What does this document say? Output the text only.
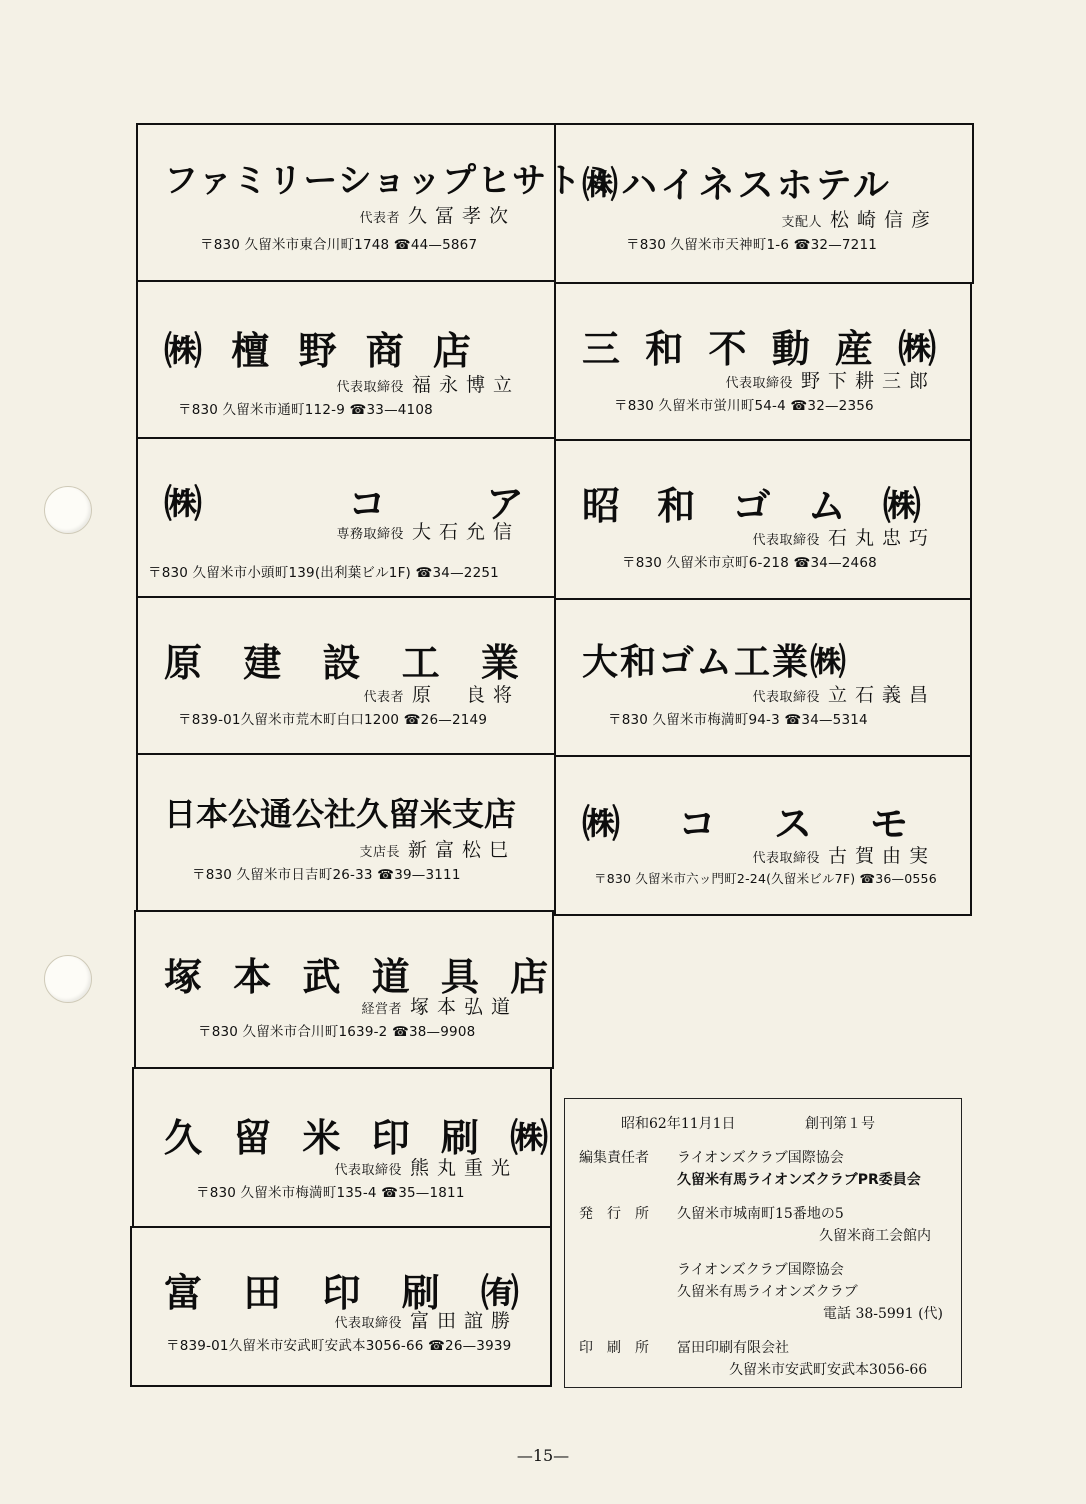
ファミリーショップヒサトミ
代表者 久冨孝次
〒830 久留米市東合川町1748 ☎44—5867
㈱ 檀 野 商 店
代表取締役 福永博立
〒830 久留米市通町112-9 ☎33—4108
㈱　　　コ　　ア
専務取締役 大石允信
〒830 久留米市小頭町139(出利葉ビル1F) ☎34—2251
原 建 設 工 業
代表者 原　良将
〒839-01久留米市荒木町白口1200 ☎26—2149
日本公通公社久留米支店
支店長 新富松巳
〒830 久留米市日吉町26-33 ☎39—3111
塚 本 武 道 具 店
経営者 塚本弘道
〒830 久留米市合川町1639-2 ☎38—9908
久 留 米 印 刷 ㈱
代表取締役 熊丸重光
〒830 久留米市梅満町135-4 ☎35—1811
富 田 印 刷 ㈲
代表取締役 富田誼勝
〒839-01久留米市安武町安武本3056-66 ☎26—3939
㈱ハイネスホテル
支配人 松崎信彦
〒830 久留米市天神町1-6 ☎32—7211
三 和 不 動 産 ㈱
代表取締役 野下耕三郎
〒830 久留米市蛍川町54-4 ☎32—2356
昭 和 ゴ ム ㈱
代表取締役 石丸忠巧
〒830 久留米市京町6-218 ☎34—2468
大和ゴム工業㈱
代表取締役 立石義昌
〒830 久留米市梅満町94-3 ☎34—5314
㈱　コ　ス　モ
代表取締役 古賀由実
〒830 久留米市六ッ門町2-24(久留米ビル7F) ☎36—0556
昭和62年11月1日	創刊第１号
編集責任者 ライオンズクラブ国際協会
久留米有馬ライオンズクラブPR委員会
発　行　所 久留米市城南町15番地の5
久留米商工会館内
ライオンズクラブ国際協会
久留米有馬ライオンズクラブ
電話 38-5991 (代)
印　刷　所 冨田印刷有限会社
久留米市安武町安武本3056-66
—15—
